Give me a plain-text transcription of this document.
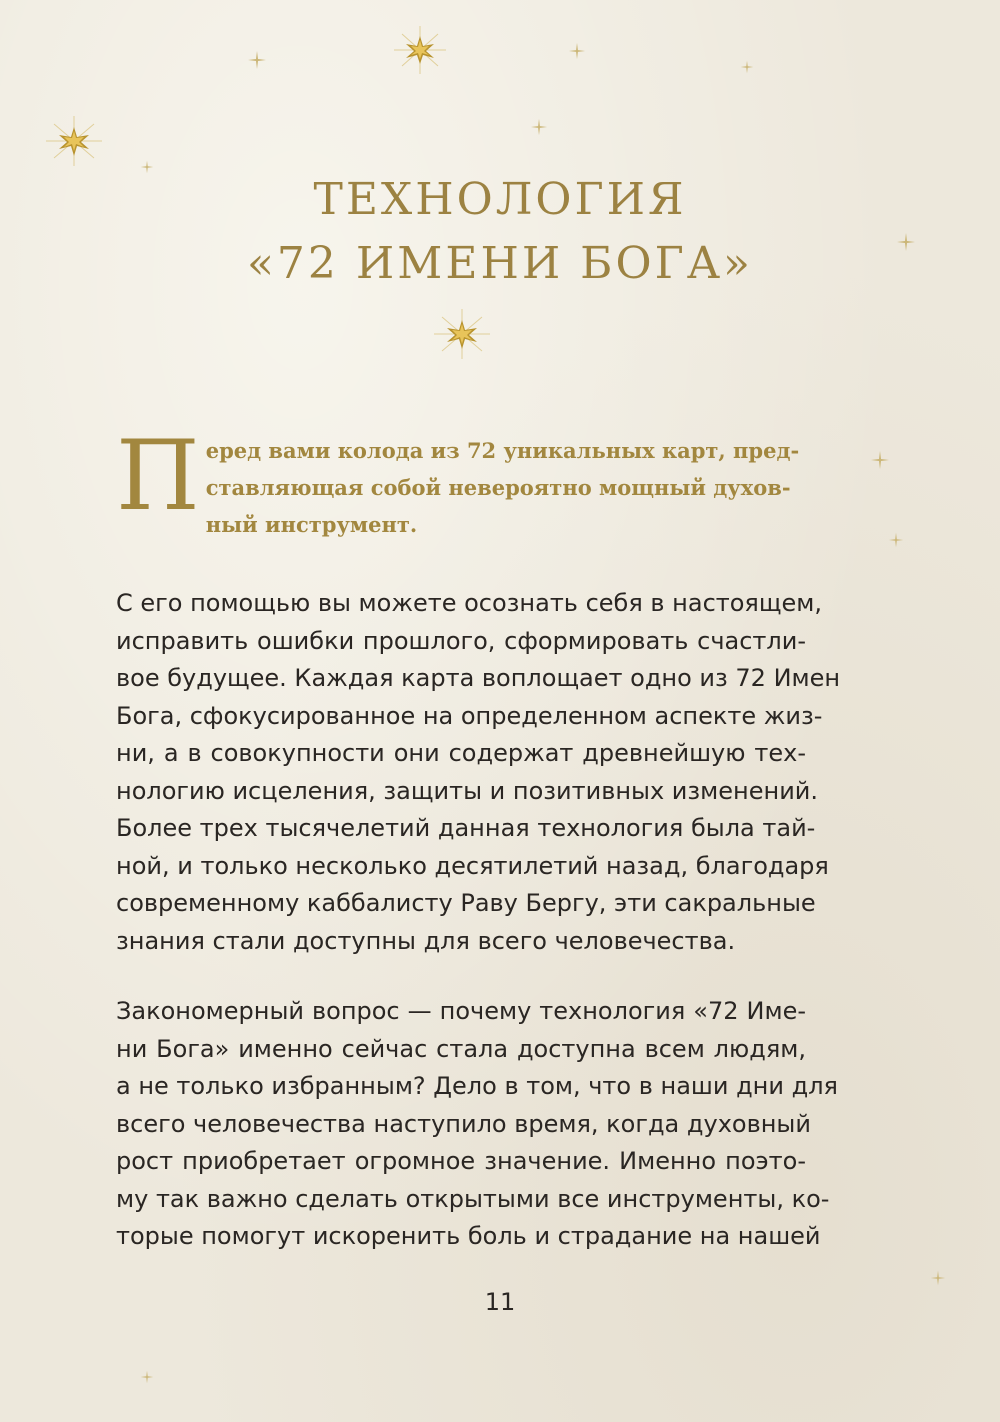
ТЕХНОЛОГИЯ
«72 ИМЕНИ БОГА»
П еред вами колода из 72 уникальных карт, пред-
ставляющая собой невероятно мощный духов-
ный инструмент.

С его помощью вы можете осознать себя в настоящем,
исправить ошибки прошлого, сформировать счастли-
вое будущее. Каждая карта воплощает одно из 72 Имен
Бога, сфокусированное на определенном аспекте жиз-
ни, а в совокупности они содержат древнейшую тех-
нологию исцеления, защиты и позитивных изменений.
Более трех тысячелетий данная технология была тай-
ной, и только несколько десятилетий назад, благодаря
современному каббалисту Раву Бергу, эти сакральные
знания стали доступны для всего человечества.

Закономерный вопрос — почему технология «72 Име-
ни Бога» именно сейчас стала доступна всем людям,
а не только избранным? Дело в том, что в наши дни для
всего человечества наступило время, когда духовный
рост приобретает огромное значение. Именно поэто-
му так важно сделать открытыми все инструменты, ко-
торые помогут искоренить боль и страдание на нашей

11
